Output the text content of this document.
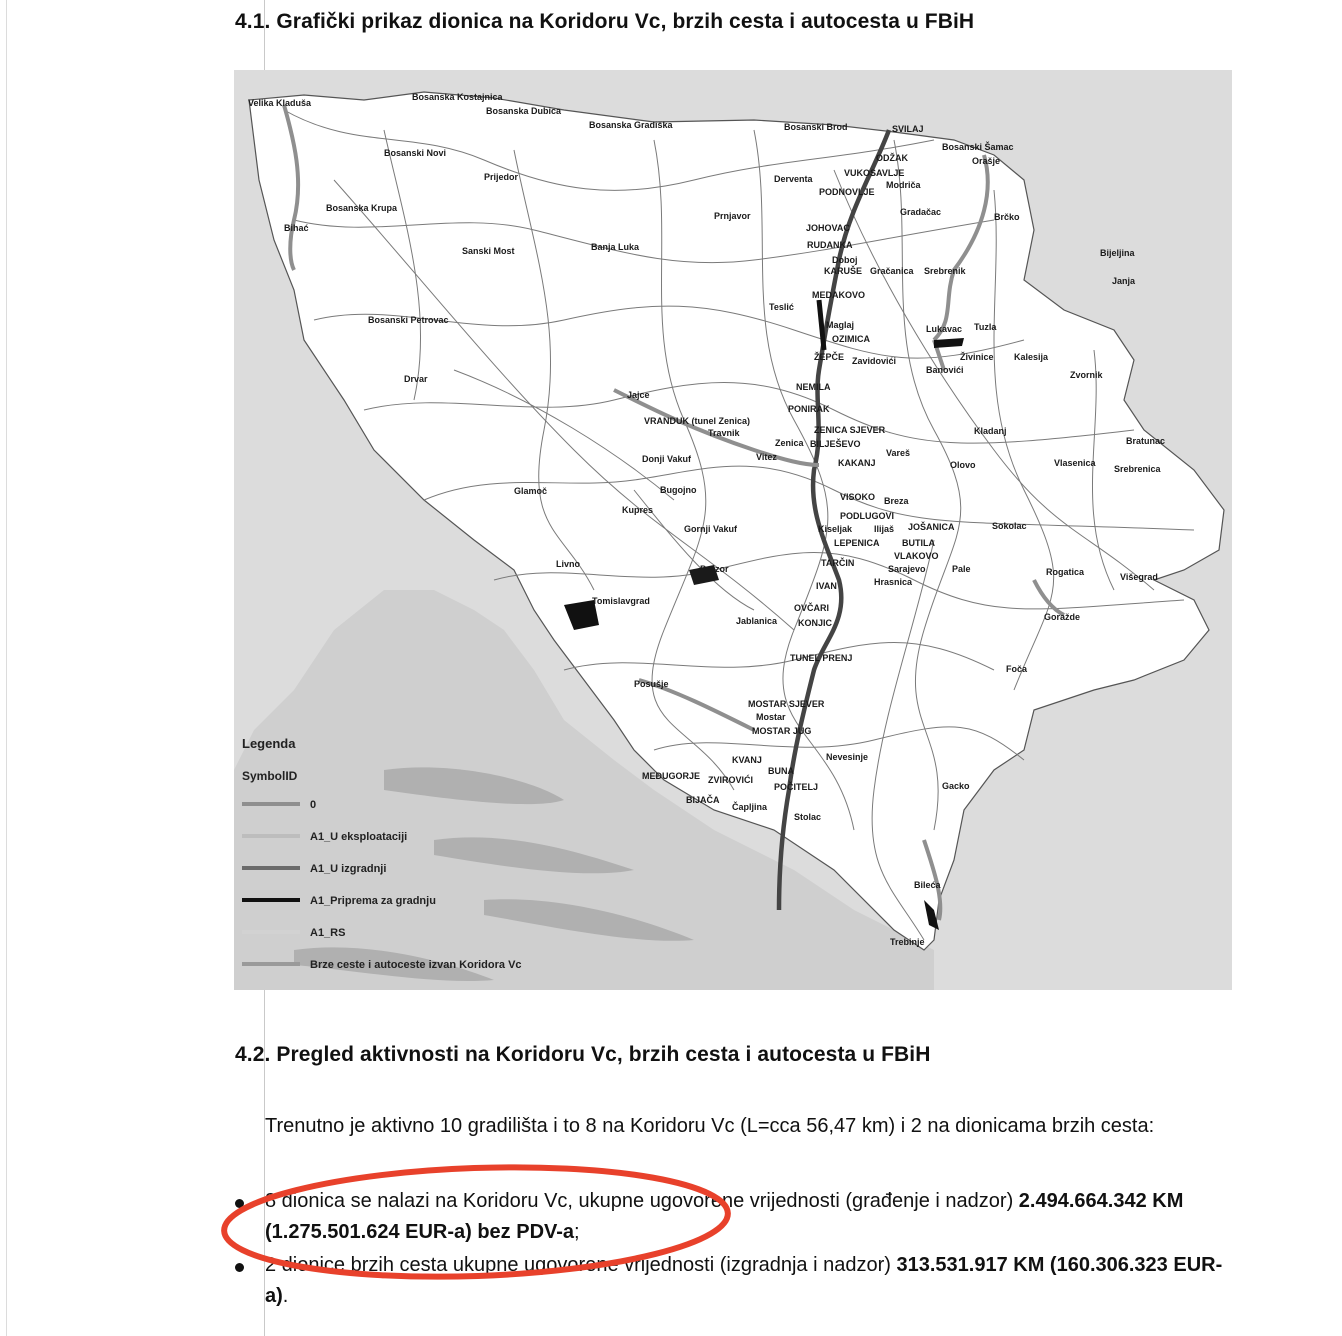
4.1. Grafički prikaz dionica na Koridoru Vc, brzih cesta i autocesta u FBiH
Velika Kladuša
Bosanska Kostajnica
Bosanska Dubica
Bosanska Gradiška	Bosanski Brod	SVILAJ
ODŽAK
Bosanski Šamac
Orašje
Bosanski Novi
Prijedor	Derventa
VUKOSAVLJE
PODNOVLJE
Modriča
Bosanska Krupa
Prnjavor
JOHOVAC
Gradačac	Brčko
Bihać
Sanski Most	Banja Luka	RUDANKA
Doboj
KARUŠE Gračanica Srebrenik
Bijeljina
Janja
Teslić
MEDAKOVO
Bosanski Petrovac	Maglaj
OZIMICA
Lukavac Tuzla
ŽEPČE Zavidovići	Živinice Kalesija
Banovići
Drvar	Zvornik
NEMILA
Jajce
PONIRAK
VRANDUK (tunel Zenica)
Travnik	ZENICA SJEVER
Zenica BILJEŠEVO
Kladanj
Bratunac
Vitez
Donji Vakuf	KAKANJ
Vareš
Olovo	Vlasenica
Srebrenica
Glamoč	Bugojno
VISOKO Breza
Kupres
PODLUGOVI
Gornji Vakuf	Kiseljak Ilijaš JOŠANICA	Sokolac
LEPENICA BUTILA
VLAKOVO
Livno	TARČIN
Sarajevo	Pale	Rogatica
Prozor
Hrasnica	Višegrad
IVAN
Tomislavgrad
OVČARI
Jablanica KONJIC
Goražde
TUNEL PRENJ
Foča
Posušje
MOSTAR SJEVER
Mostar
MOSTAR JUG
Nevesinje
KVANJ
BUNA
MEĐUGORJE ZVIROVIĆI
POČITELJ	Gacko
BIJAČA
Čapljina
Stolac
Bileća
Trebinje
Legenda
SymbolID
0
A1_U eksploataciji
A1_U izgradnji
A1_Priprema za gradnju
A1_RS
Brze ceste i autoceste izvan Koridora Vc
4.2. Pregled aktivnosti na Koridoru Vc, brzih cesta i autocesta u FBiH

Trenutno je aktivno 10 gradilišta i to 8 na Koridoru Vc (L=cca 56,47 km) i 2 na dionicama brzih cesta:

8 dionica se nalazi na Koridoru Vc, ukupne ugovorene vrijednosti (građenje i nadzor) 2.494.664.342 KM (1.275.501.624 EUR-a) bez PDV-a;
2 dionice brzih cesta ukupne ugovorene vrijednosti (izgradnja i nadzor) 313.531.917 KM (160.306.323 EUR-a).
